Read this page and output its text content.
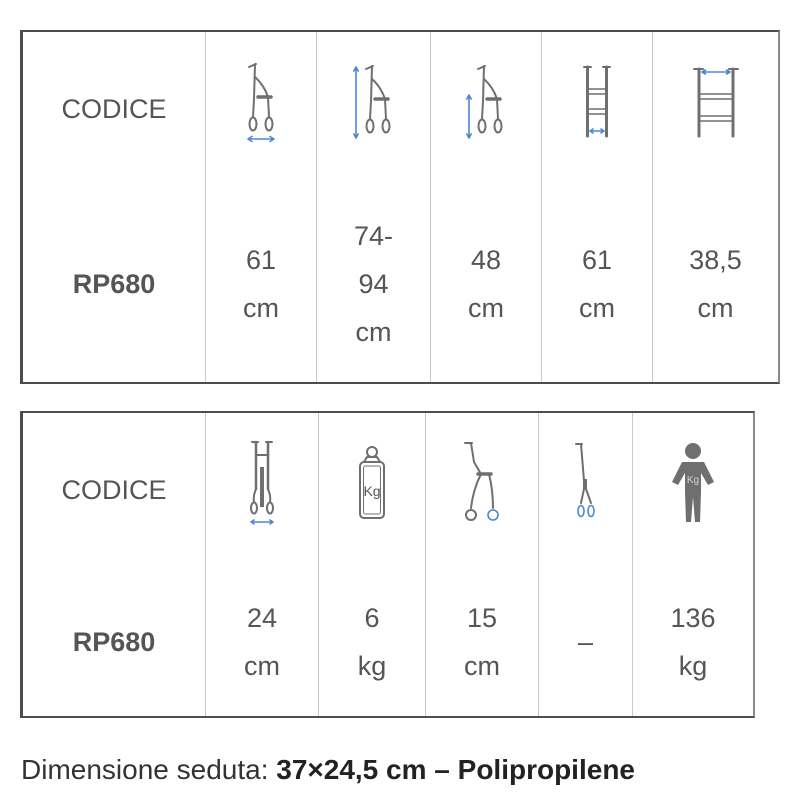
CODICE
RP680
61
cm
74-
94
cm
48
cm
61
cm
38,5
cm
CODICE	Kg
Kg
RP680
24
cm
6
kg
15
cm
–
136
kg
Dimensione seduta: 37×24,5 cm – Polipropilene
